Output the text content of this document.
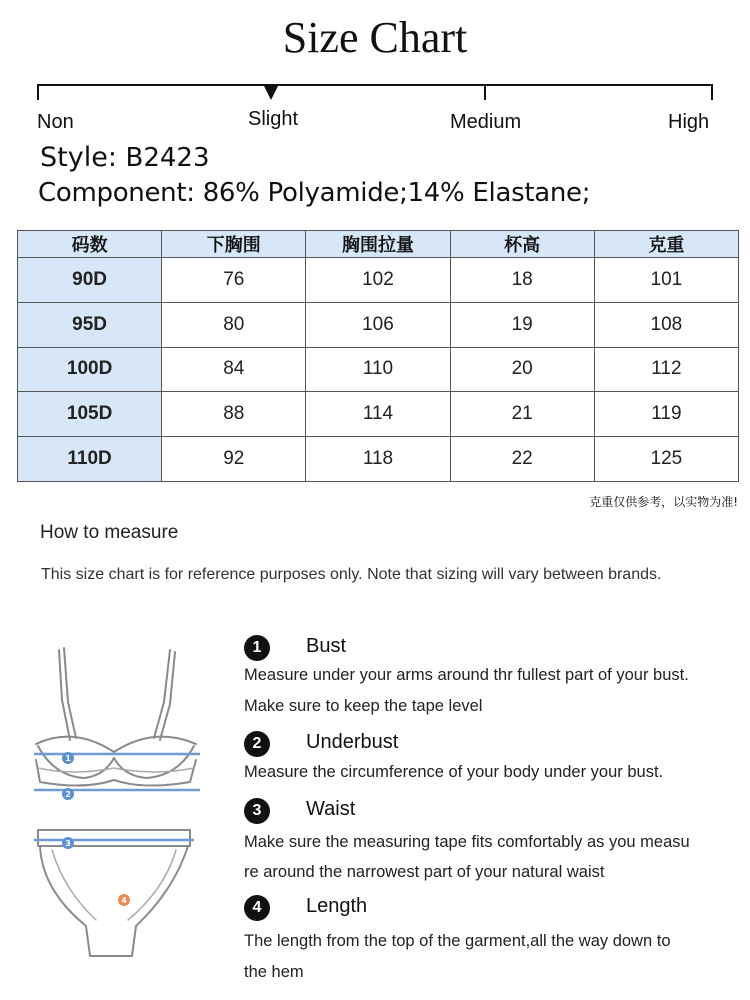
Size Chart
Non	Slight	Medium	High
Style: B2423
Component: 86% Polyamide;14% Elastane;
码数	下胸围	胸围拉量	杯高	克重
90D	76	102	18	101
95D	80	106	19	108
100D	84	110	20	112
105D	88	114	21	119
110D	92	118	22	125
克重仅供参考，以实物为准!
How to measure
This size chart is for reference purposes only. Note that sizing will vary between brands.
1
2
3
4
1	Bust
Measure under your arms around thr fullest part of your bust.
Make sure to keep the tape level
2	Underbust
Measure the circumference of your body under your bust.
3	Waist
Make sure the measuring tape fits comfortably as you measu
re around the narrowest part of your natural waist
4	Length
The length from the top of the garment,all the way down to
the hem
